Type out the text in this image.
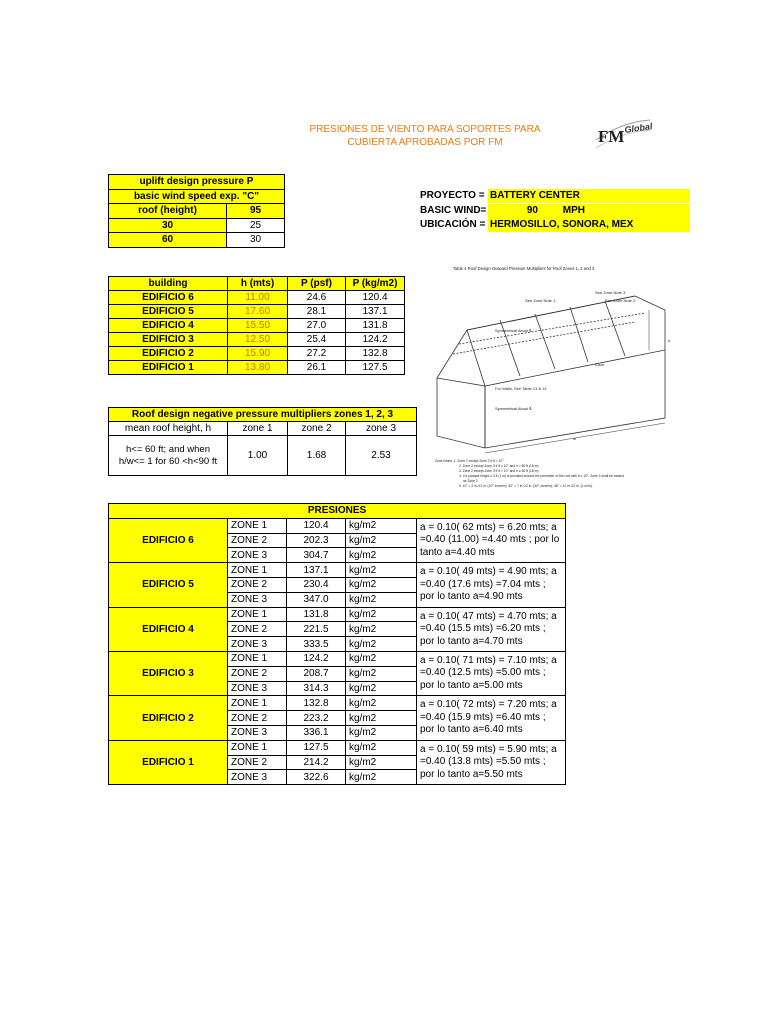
PRESIONES DE VIENTO PARA SOPORTES PARA
CUBIERTA APROBADAS POR FM	FM Global
uplift design pressure P	
basic wind speed exp. "C"	
roof (height)	95
30	25
60	30
PROYECTO = BATTERY CENTER
BASIC WIND=	90 MPH
UBICACIÓN = HERMOSILLO, SONORA, MEX
building	h (mts)	P (psf)	P (kg/m2)
EDIFICIO 6	11.00	24.6	120.4
EDIFICIO 5	17.60	28.1	137.1
EDIFICIO 4	15.50	27.0	131.8
EDIFICIO 3	12.50	25.4	124.2
EDIFICIO 2	15.90	27.2	132.8
EDIFICIO 1	13.80	26.1	127.5
Roof design negative pressure multipliers zones 1, 2, 3			
mean roof height, h	zone 1	zone 2	zone 3
h<= 60 ft; and when h/w<= 1 for 60 <h<90 ft	1.00	1.68	2.53
Table 4 Roof Design Outward Pressure Multipliers for Roof Zones 1, 2 and 3
See Zone Note 3
See Zone Note 1	See Zone Note 2
Symmetrical About ℄
Eave
For Walls, See Table 13 & 14
Symmetrical About ℄
w
h
Zone Notes: 1. Zone 1 except Zone 2 if θ > 10°.
2. Zone 2 except Zone 3 if θ ≤ 10° and h > 60 ft (18 m).
3. Zone 2 except Zone 3 if θ > 10° and h ≤ 60 ft (18 m).
4. If a parapet height ≥ 3 ft (1 m) is provided around the perimeter of the roof with θ ≤ 10°, Zone 3 shall be treated
as Zone 2.
5. 10° = 2 in./12 in. (10° zone/m); 30° = 7 in./12 in. (30° zone/m); 45° = 12 in./12 in. (1 m/m).
PRESIONES				
EDIFICIO 6	ZONE 1	120.4	kg/m2	a = 0.10( 62 mts) = 6.20 mts; a =0.40 (11.00) =4.40 mts ; por lo tanto a=4.40 mts
	ZONE 2	202.3	kg/m2	
	ZONE 3	304.7	kg/m2	
EDIFICIO 5	ZONE 1	137.1	kg/m2	a = 0.10( 49 mts) = 4.90 mts; a =0.40 (17.6 mts) =7.04 mts ; por lo tanto a=4.90 mts
	ZONE 2	230.4	kg/m2	
	ZONE 3	347.0	kg/m2	
EDIFICIO 4	ZONE 1	131.8	kg/m2	a = 0.10( 47 mts) = 4.70 mts; a =0.40 (15.5 mts) =6.20 mts ; por lo tanto a=4.70 mts
	ZONE 2	221.5	kg/m2	
	ZONE 3	333.5	kg/m2	
EDIFICIO 3	ZONE 1	124.2	kg/m2	a = 0.10( 71 mts) = 7.10 mts; a =0.40 (12.5 mts) =5.00 mts ; por lo tanto a=5.00 mts
	ZONE 2	208.7	kg/m2	
	ZONE 3	314.3	kg/m2	
EDIFICIO 2	ZONE 1	132.8	kg/m2	a = 0.10( 72 mts) = 7.20 mts; a =0.40 (15.9 mts) =6.40 mts ; por lo tanto a=6.40 mts
	ZONE 2	223.2	kg/m2	
	ZONE 3	336.1	kg/m2	
EDIFICIO 1	ZONE 1	127.5	kg/m2	a = 0.10( 59 mts) = 5.90 mts; a =0.40 (13.8 mts) =5.50 mts ; por lo tanto a=5.50 mts
	ZONE 2	214.2	kg/m2	
	ZONE 3	322.6	kg/m2	
